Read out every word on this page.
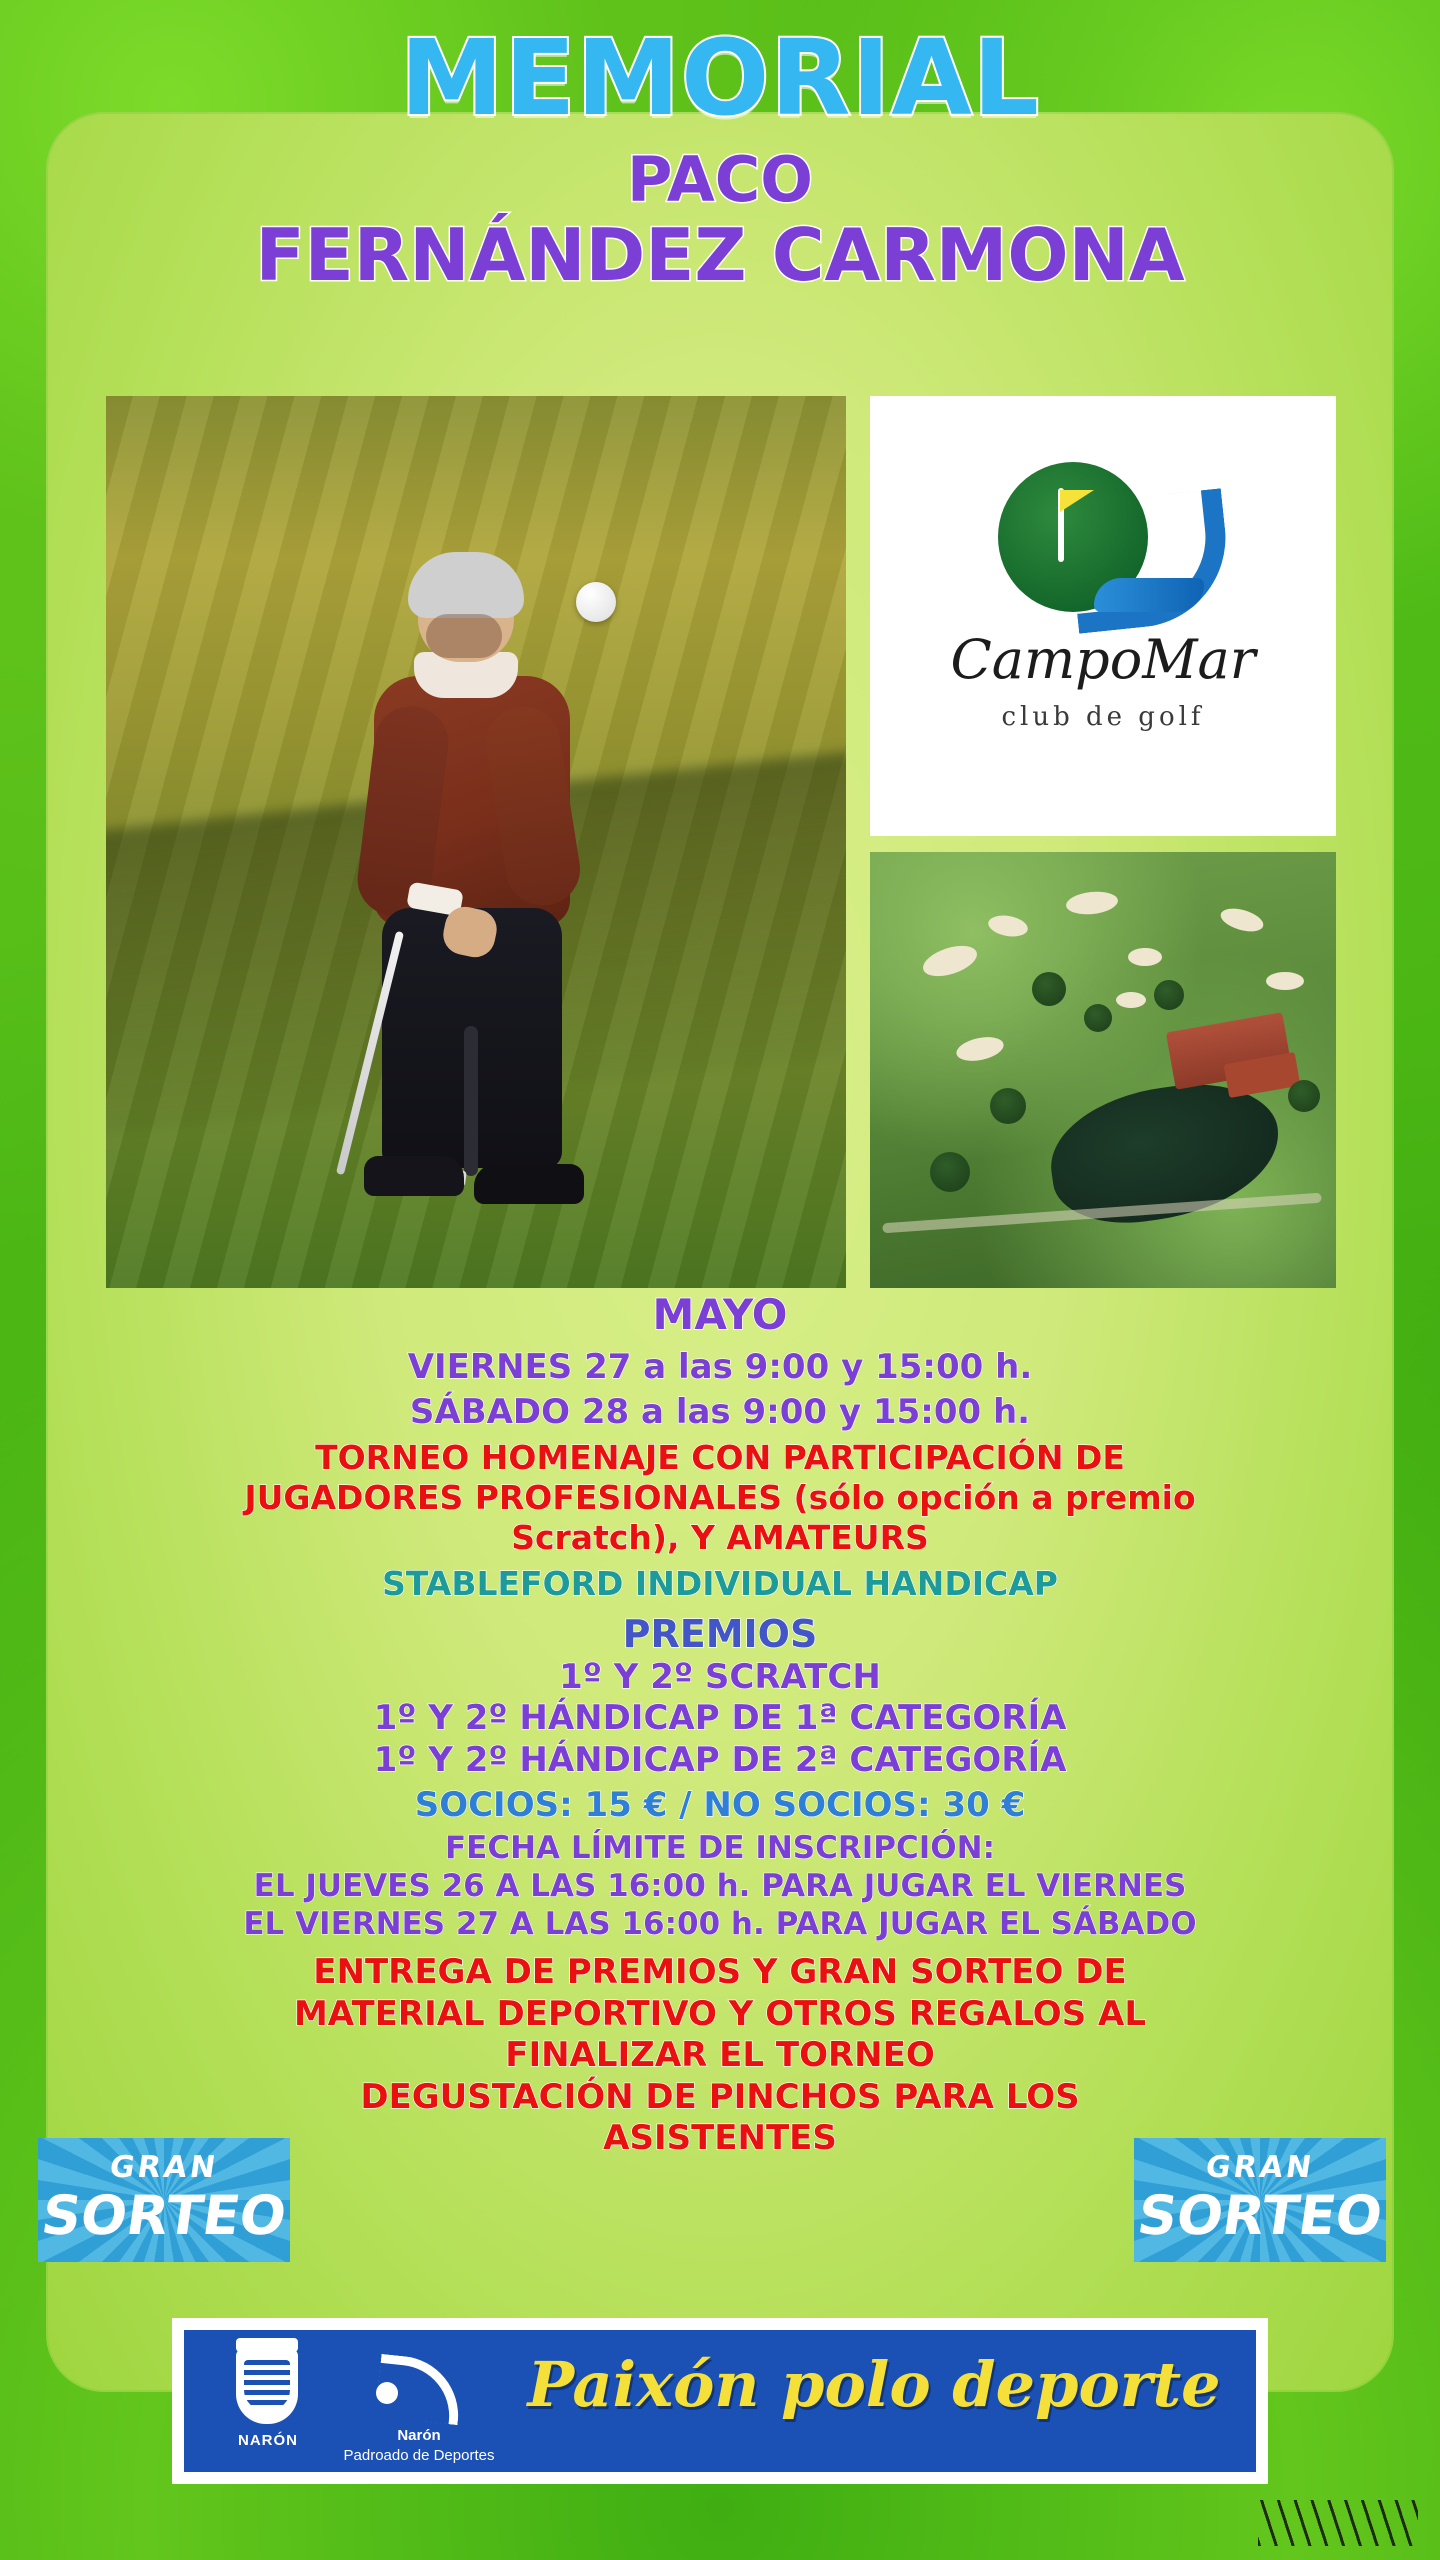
MEMORIAL
PACO
FERNÁNDEZ CARMONA
CampoMar
club de golf
MAYO
VIERNES 27 a las 9:00 y 15:00 h.
SÁBADO 28 a las 9:00 y 15:00 h.
TORNEO HOMENAJE CON PARTICIPACIÓN DE
JUGADORES PROFESIONALES (sólo opción a premio
Scratch), Y AMATEURS
STABLEFORD INDIVIDUAL HANDICAP
PREMIOS
1º Y 2º SCRATCH
1º Y 2º HÁNDICAP DE 1ª CATEGORÍA
1º Y 2º HÁNDICAP DE 2ª CATEGORÍA
SOCIOS: 15 € / NO SOCIOS: 30 €
FECHA LÍMITE DE INSCRIPCIÓN:
EL JUEVES 26 A LAS 16:00 h. PARA JUGAR EL VIERNES
EL VIERNES 27 A LAS 16:00 h. PARA JUGAR EL SÁBADO
ENTREGA DE PREMIOS Y GRAN SORTEO DE
MATERIAL DEPORTIVO Y OTROS REGALOS AL
FINALIZAR EL TORNEO
DEGUSTACIÓN DE PINCHOS PARA LOS
ASISTENTES
GRAN
SORTEO
GRAN
SORTEO
NARÓN	Narón
Padroado de Deportes
Paixón polo deporte
